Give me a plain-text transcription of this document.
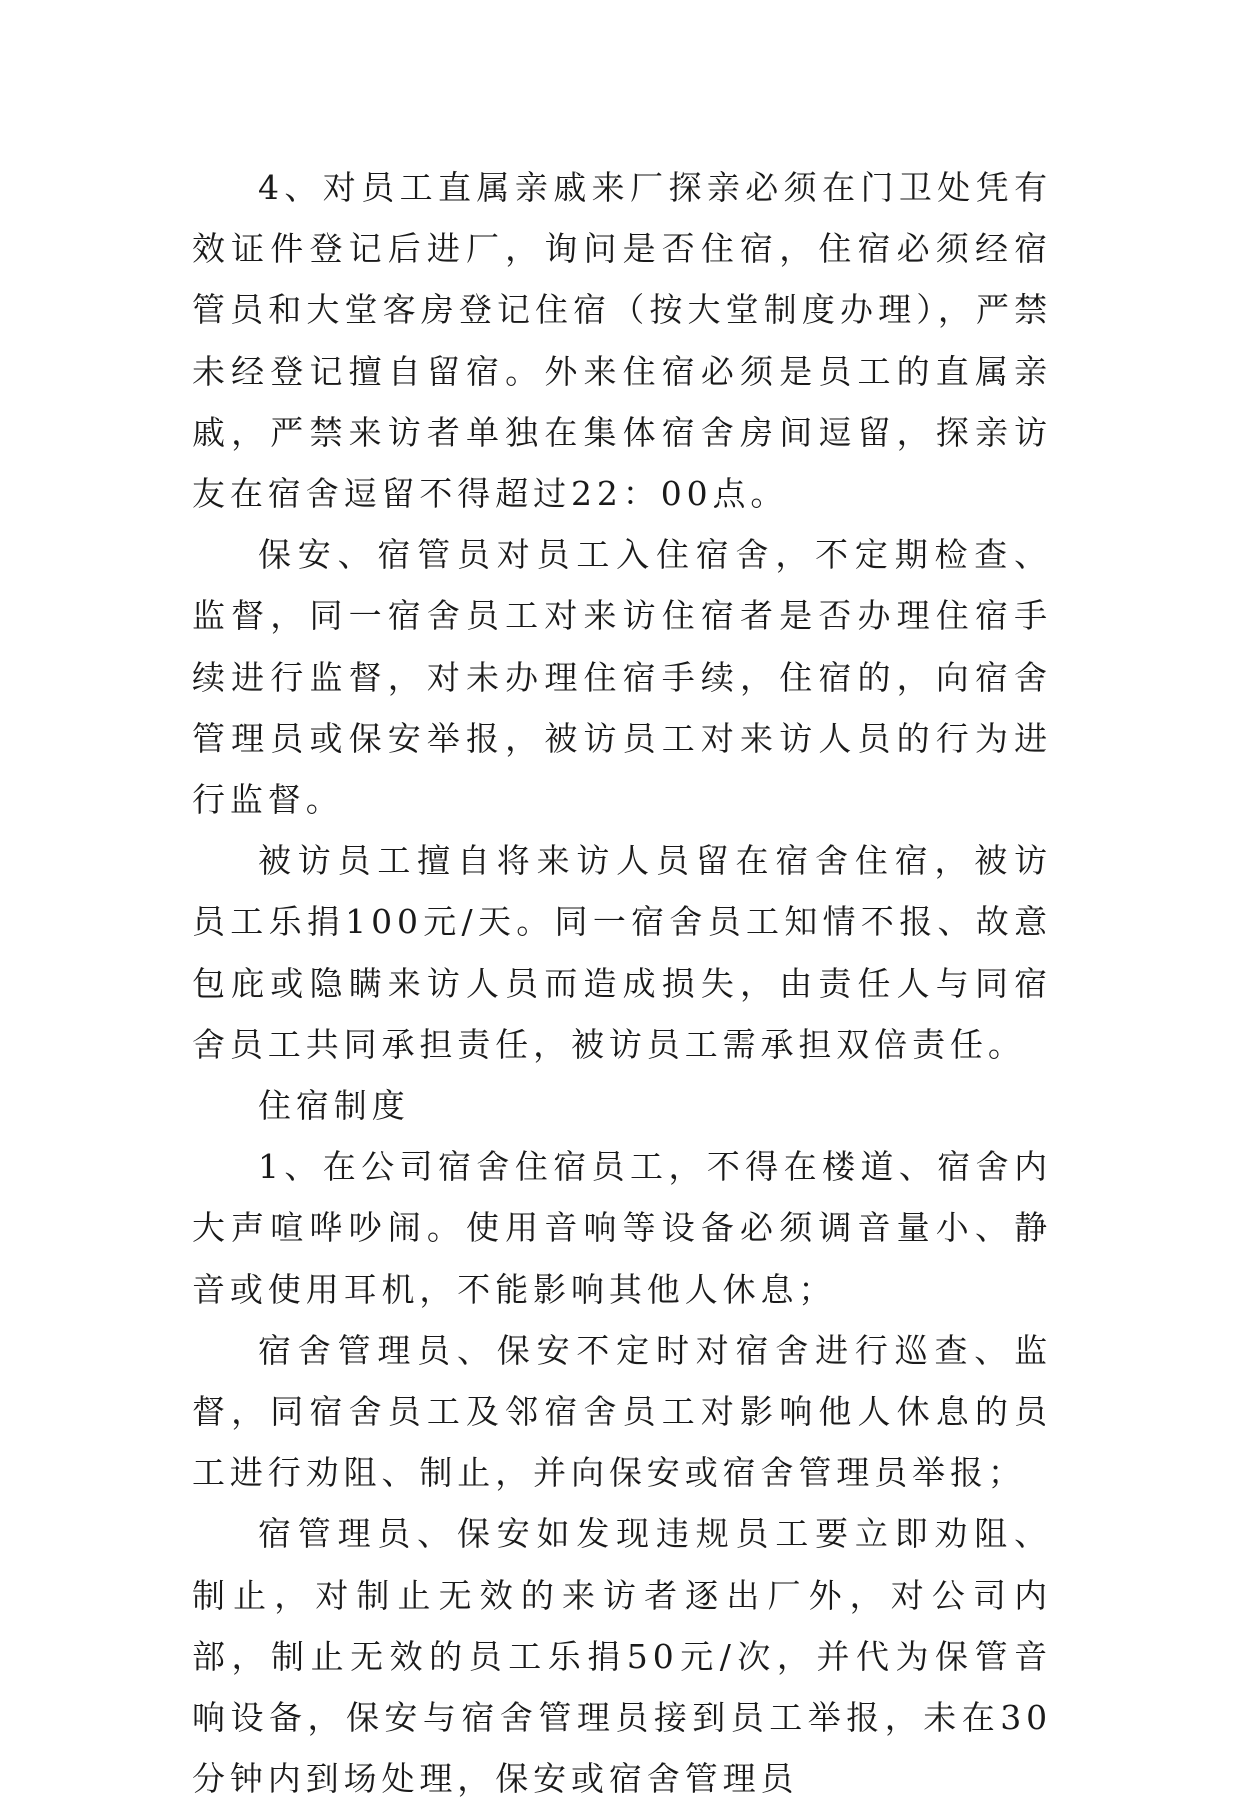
4、对员工直属亲戚来厂探亲必须在门卫处凭有效证件登记后进厂，询问是否住宿，住宿必须经宿管员和大堂客房登记住宿（按大堂制度办理），严禁未经登记擅自留宿。外来住宿必须是员工的直属亲戚，严禁来访者单独在集体宿舍房间逗留，探亲访友在宿舍逗留不得超过22：00点。

保安、宿管员对员工入住宿舍，不定期检查、监督，同一宿舍员工对来访住宿者是否办理住宿手续进行监督，对未办理住宿手续，住宿的，向宿舍管理员或保安举报，被访员工对来访人员的行为进行监督。

被访员工擅自将来访人员留在宿舍住宿，被访员工乐捐100元/天。同一宿舍员工知情不报、故意包庇或隐瞒来访人员而造成损失，由责任人与同宿舍员工共同承担责任，被访员工需承担双倍责任。

住宿制度

1、在公司宿舍住宿员工，不得在楼道、宿舍内大声喧哗吵闹。使用音响等设备必须调音量小、静音或使用耳机，不能影响其他人休息；

宿舍管理员、保安不定时对宿舍进行巡查、监督，同宿舍员工及邻宿舍员工对影响他人休息的员工进行劝阻、制止，并向保安或宿舍管理员举报；

宿管理员、保安如发现违规员工要立即劝阻、制止，对制止无效的来访者逐出厂外，对公司内部，制止无效的员工乐捐50元/次，并代为保管音响设备，保安与宿舍管理员接到员工举报，未在30分钟内到场处理，保安或宿舍管理员
